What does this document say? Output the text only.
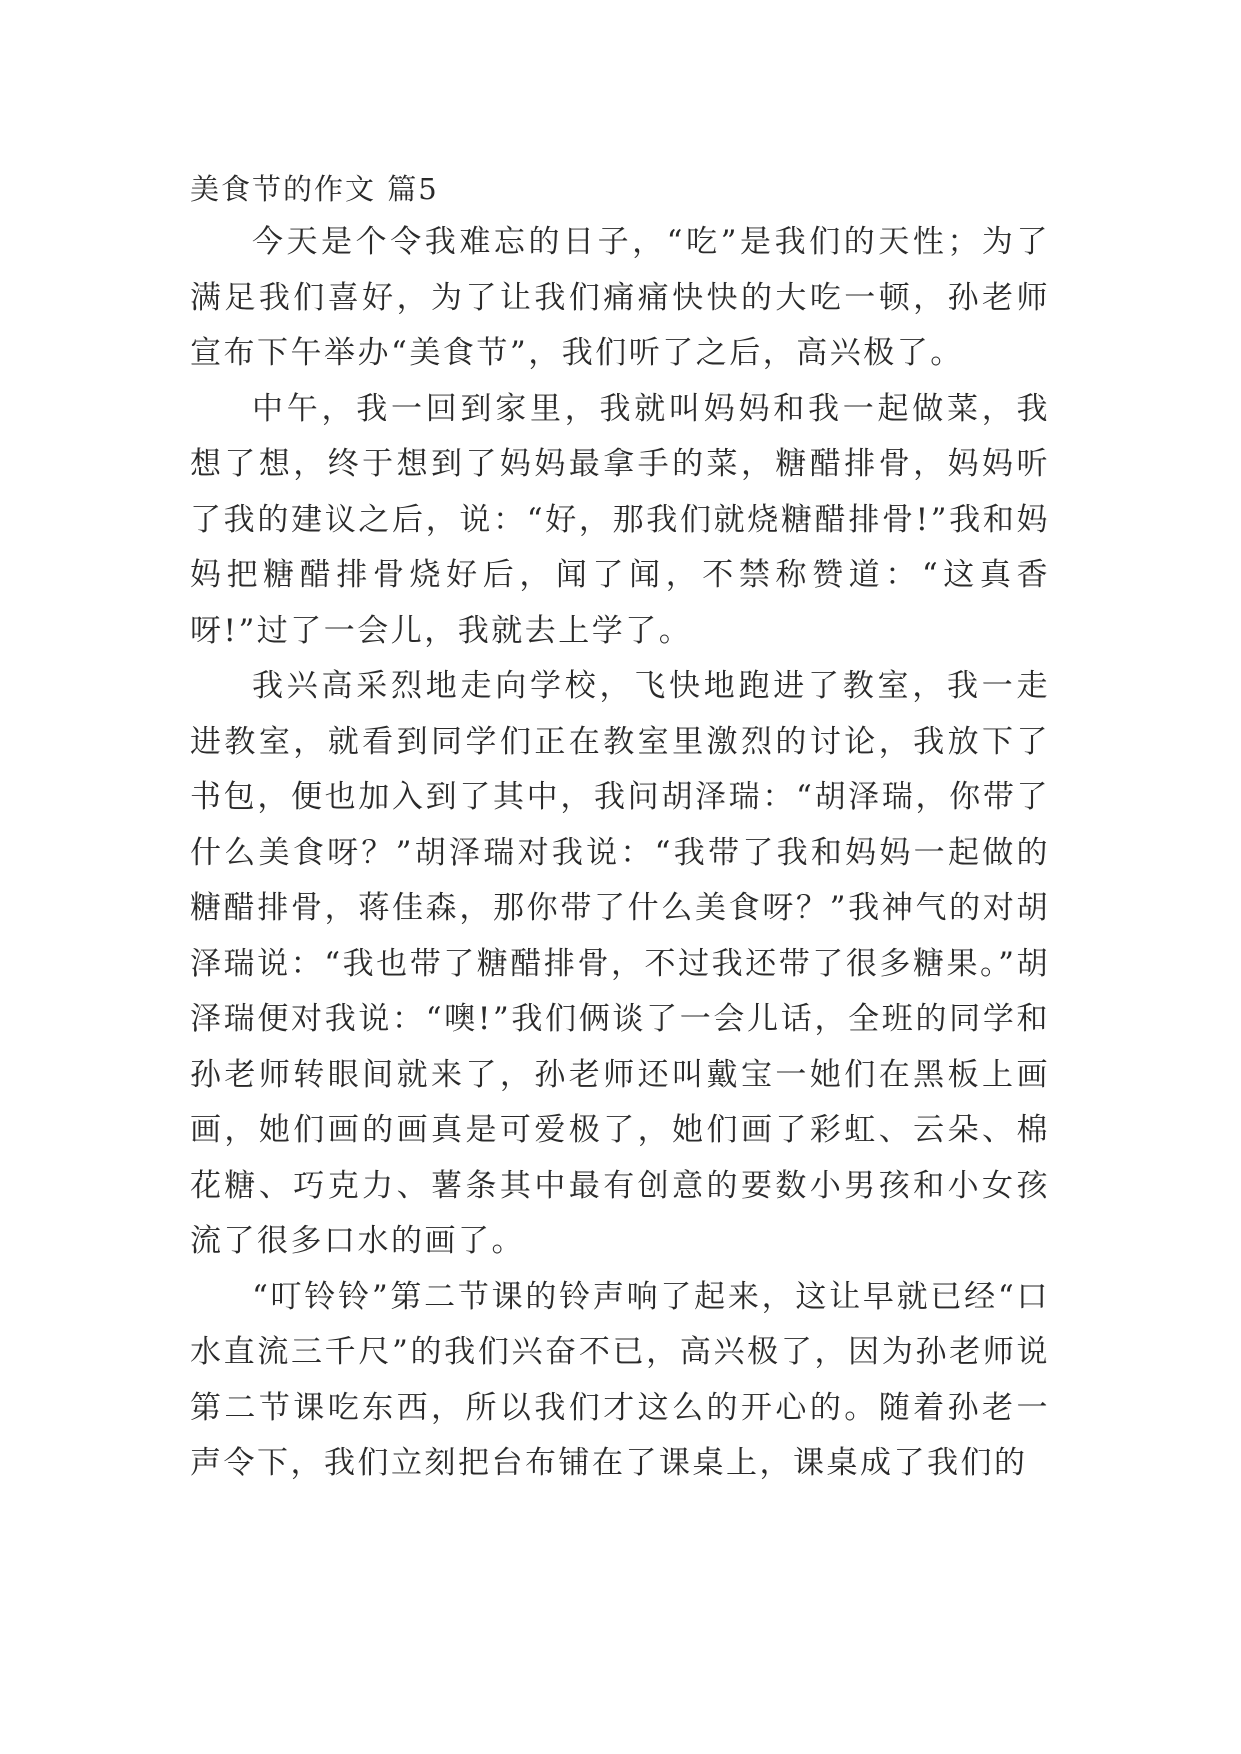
美食节的作文 篇5

今天是个令我难忘的日子，“吃”是我们的天性；为了满足我们喜好，为了让我们痛痛快快的大吃一顿，孙老师宣布下午举办“美食节”，我们听了之后，高兴极了。

中午，我一回到家里，我就叫妈妈和我一起做菜，我想了想，终于想到了妈妈最拿手的菜，糖醋排骨，妈妈听了我的建议之后，说：“好，那我们就烧糖醋排骨!”我和妈妈把糖醋排骨烧好后，闻了闻，不禁称赞道：“这真香呀!”过了一会儿，我就去上学了。

我兴高采烈地走向学校，飞快地跑进了教室，我一走进教室，就看到同学们正在教室里激烈的讨论，我放下了书包，便也加入到了其中，我问胡泽瑞：“胡泽瑞，你带了什么美食呀？”胡泽瑞对我说：“我带了我和妈妈一起做的糖醋排骨，蒋佳森，那你带了什么美食呀？”我神气的对胡泽瑞说：“我也带了糖醋排骨，不过我还带了很多糖果。”胡泽瑞便对我说：“噢!”我们俩谈了一会儿话，全班的同学和孙老师转眼间就来了，孙老师还叫戴宝一她们在黑板上画画，她们画的画真是可爱极了，她们画了彩虹、云朵、棉花糖、巧克力、薯条其中最有创意的要数小男孩和小女孩流了很多口水的画了。

“叮铃铃”第二节课的铃声响了起来，这让早就已经“口水直流三千尺”的我们兴奋不已，高兴极了，因为孙老师说第二节课吃东西，所以我们才这么的开心的。随着孙老一声令下，我们立刻把台布铺在了课桌上，课桌成了我们的
